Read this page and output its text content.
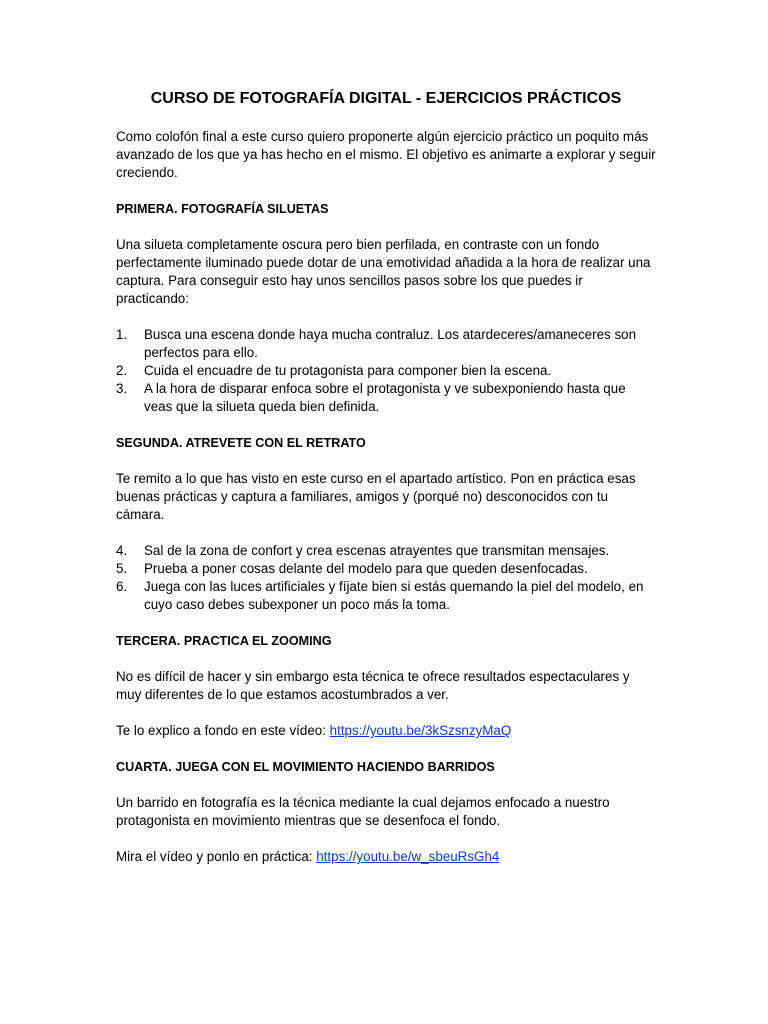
CURSO DE FOTOGRAFÍA DIGITAL - EJERCICIOS PRÁCTICOS

Como colofón final a este curso quiero proponerte algún ejercicio práctico un poquito más avanzado de los que ya has hecho en el mismo. El objetivo es animarte a explorar y seguir creciendo.

PRIMERA. FOTOGRAFÍA SILUETAS

Una silueta completamente oscura pero bien perfilada, en contraste con un fondo perfectamente iluminado puede dotar de una emotividad añadida a la hora de realizar una captura. Para conseguir esto hay unos sencillos pasos sobre los que puedes ir practicando:

1. Busca una escena donde haya mucha contraluz. Los atardeceres/amaneceres son perfectos para ello.
2. Cuida el encuadre de tu protagonista para componer bien la escena.
3. A la hora de disparar enfoca sobre el protagonista y ve subexponiendo hasta que veas que la silueta queda bien definida.
SEGUNDA. ATREVETE CON EL RETRATO

Te remito a lo que has visto en este curso en el apartado artístico. Pon en práctica esas buenas prácticas y captura a familiares, amigos y (porqué no) desconocidos con tu cámara.

4. Sal de la zona de confort y crea escenas atrayentes que transmitan mensajes.
5. Prueba a poner cosas delante del modelo para que queden desenfocadas.
6. Juega con las luces artificiales y fíjate bien si estás quemando la piel del modelo, en cuyo caso debes subexponer un poco más la toma.
TERCERA. PRACTICA EL ZOOMING

No es difícil de hacer y sin embargo esta técnica te ofrece resultados espectaculares y muy diferentes de lo que estamos acostumbrados a ver.

Te lo explico a fondo en este vídeo: https://youtu.be/3kSzsnzyMaQ

CUARTA. JUEGA CON EL MOVIMIENTO HACIENDO BARRIDOS

Un barrido en fotografía es la técnica mediante la cual dejamos enfocado a nuestro protagonista en movimiento mientras que se desenfoca el fondo.

Mira el vídeo y ponlo en práctica: https://youtu.be/w_sbeuRsGh4
